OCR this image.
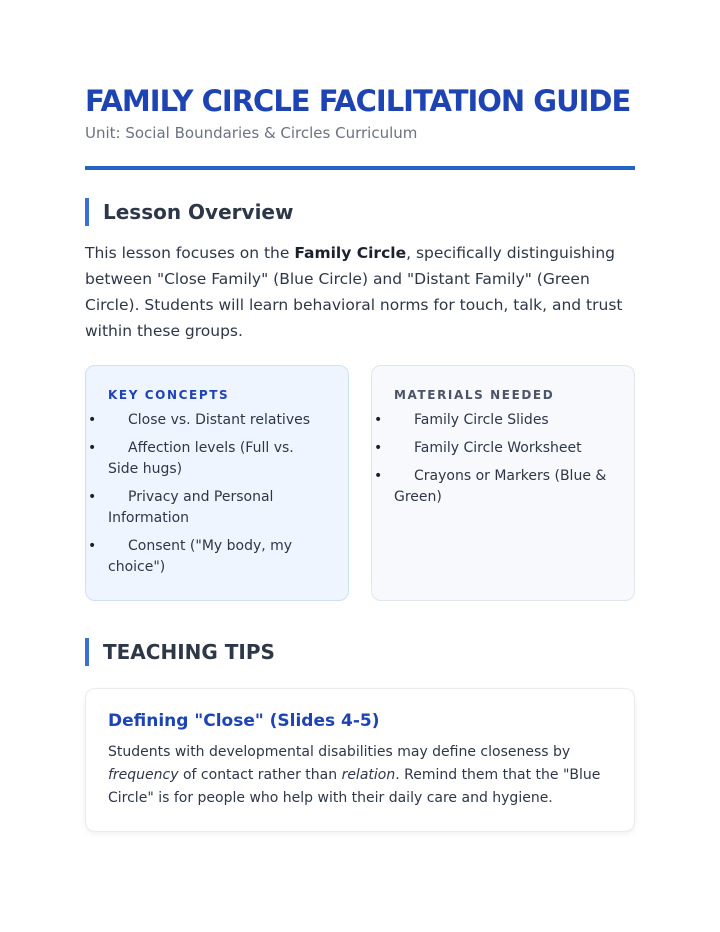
FAMILY CIRCLE FACILITATION GUIDE

Unit: Social Boundaries & Circles Curriculum

Lesson Overview

This lesson focuses on the Family Circle, specifically distinguishing between "Close Family" (Blue Circle) and "Distant Family" (Green Circle). Students will learn behavioral norms for touch, talk, and trust within these groups.

KEY CONCEPTS

• Close vs. Distant relatives
• Affection levels (Full vs. Side hugs)
• Privacy and Personal Information
• Consent ("My body, my choice")

MATERIALS NEEDED

• Family Circle Slides
• Family Circle Worksheet
• Crayons or Markers (Blue & Green)
TEACHING TIPS

Defining "Close" (Slides 4-5)

Students with developmental disabilities may define closeness by frequency of contact rather than relation. Remind them that the "Blue Circle" is for people who help with their daily care and hygiene.
